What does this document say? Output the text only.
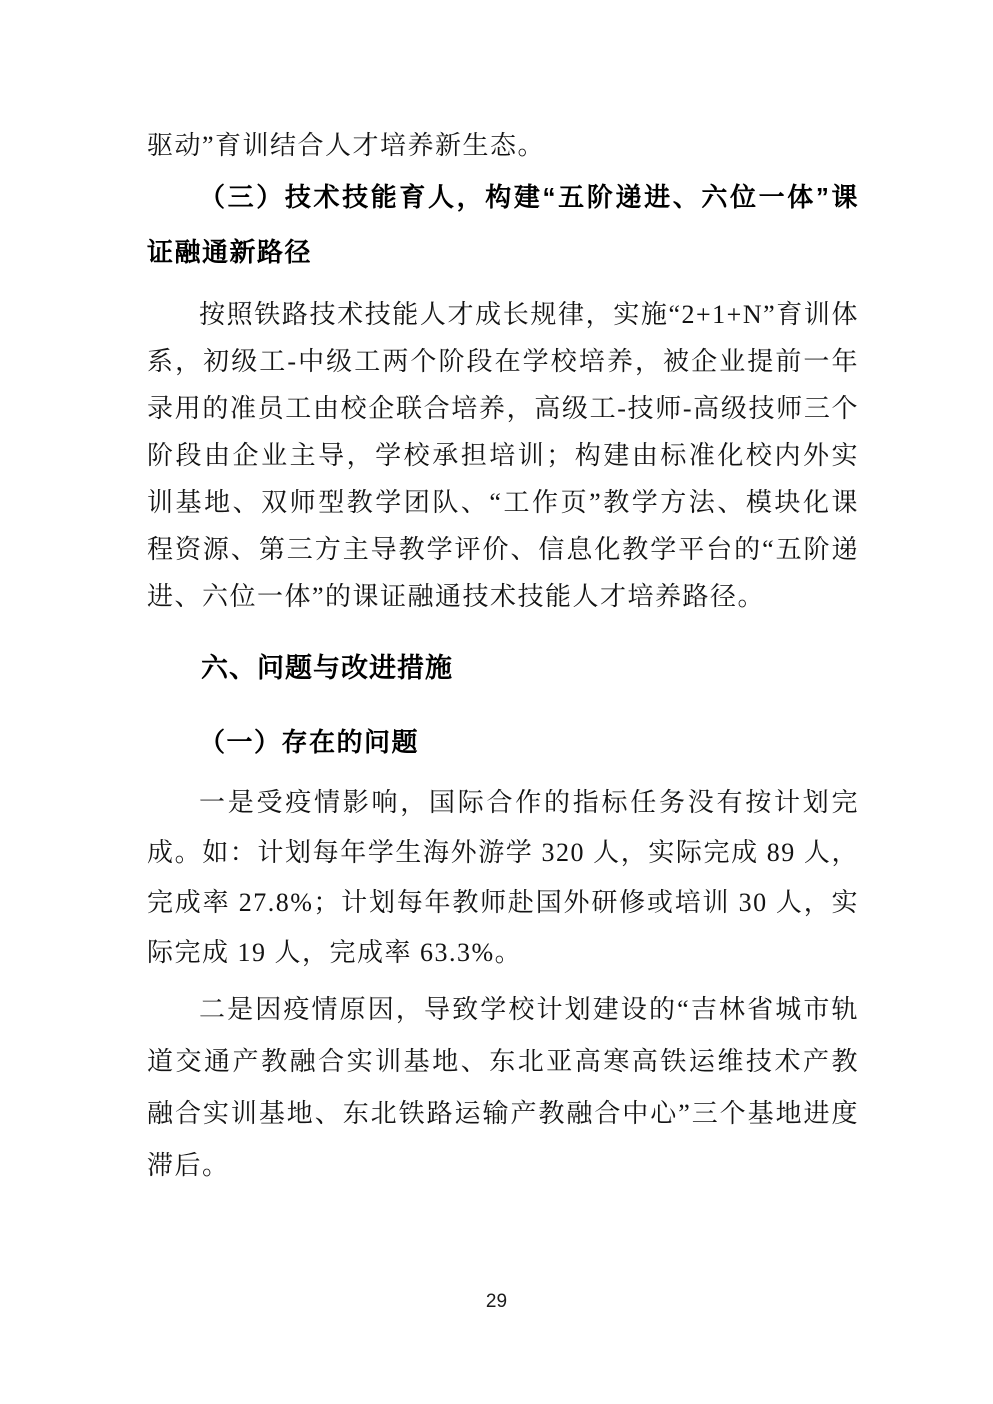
驱动”育训结合人才培养新生态。

（三）技术技能育人，构建“五阶递进、六位一体”课证融通新路径

按照铁路技术技能人才成长规律，实施“2+1+N”育训体系，初级工-中级工两个阶段在学校培养，被企业提前一年录用的准员工由校企联合培养，高级工-技师-高级技师三个阶段由企业主导，学校承担培训；构建由标准化校内外实训基地、双师型教学团队、“工作页”教学方法、模块化课程资源、第三方主导教学评价、信息化教学平台的“五阶递进、六位一体”的课证融通技术技能人才培养路径。

六、问题与改进措施
（一）存在的问题

一是受疫情影响，国际合作的指标任务没有按计划完成。如：计划每年学生海外游学 320 人，实际完成 89 人，完成率 27.8%；计划每年教师赴国外研修或培训 30 人，实际完成 19 人，完成率 63.3%。

二是因疫情原因，导致学校计划建设的“吉林省城市轨道交通产教融合实训基地、东北亚高寒高铁运维技术产教融合实训基地、东北铁路运输产教融合中心”三个基地进度滞后。

29
